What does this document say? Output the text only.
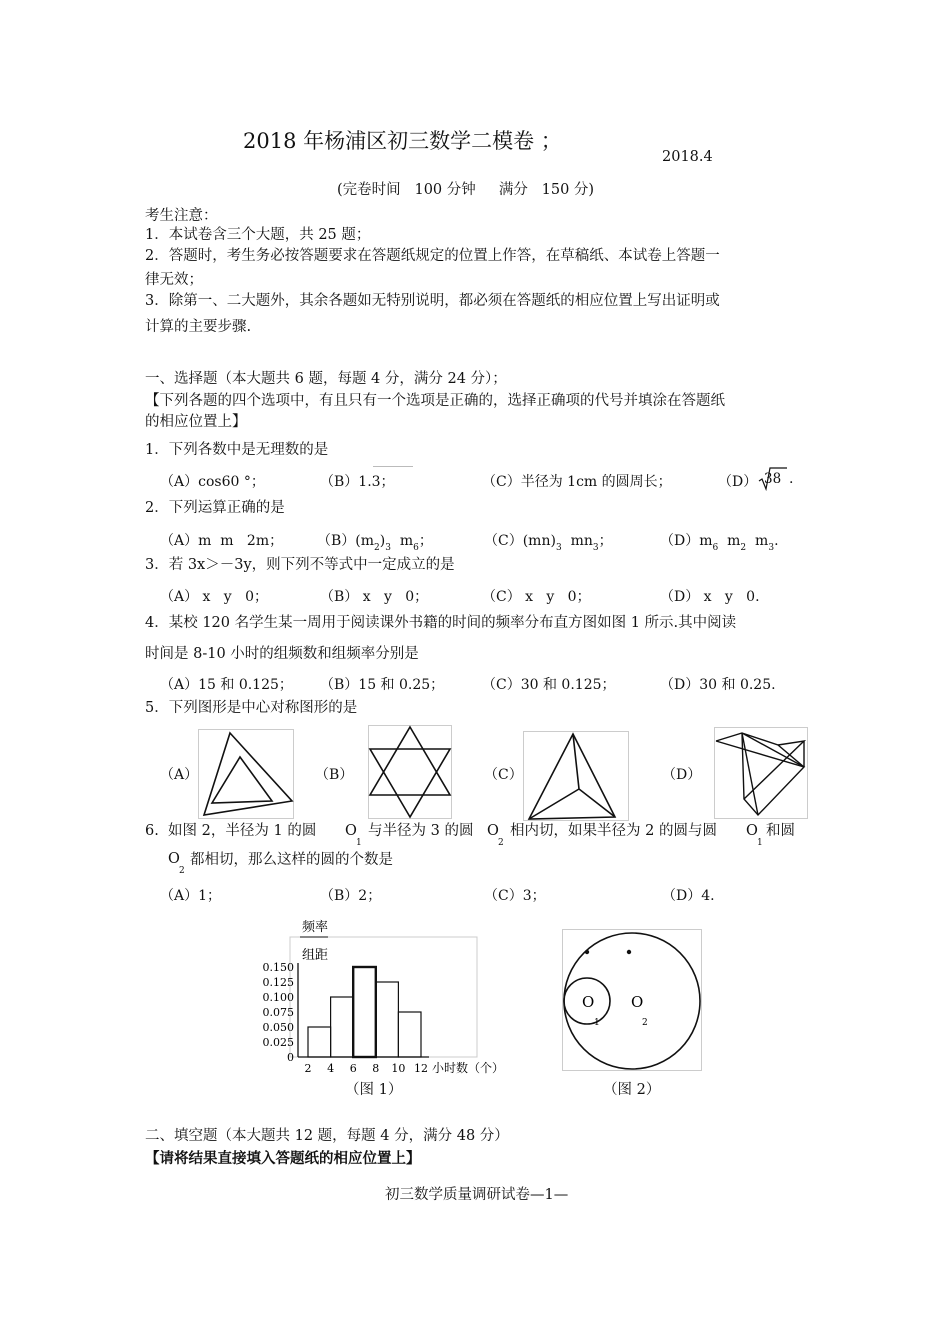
2018 年杨浦区初三数学二模卷 ；
2018.4
(完卷时间   100 分钟     满分   150 分)
考生注意：
1．本试卷含三个大题，共 25 题；
2．答题时，考生务必按答题要求在答题纸规定的位置上作答，在草稿纸、本试卷上答题一
律无效；
3．除第一、二大题外，其余各题如无特别说明，都必须在答题纸的相应位置上写出证明或
计算的主要步骤.
一、选择题（本大题共 6 题，每题 4 分，满分 24 分）；
【下列各题的四个选项中，有且只有一个选项是正确的，选择正确项的代号并填涂在答题纸
的相应位置上】
1．下列各数中是无理数的是
（A）cos60 °；	（B）1.3；	（C）半径为 1cm 的圆周长；	（D） 38 .
2．下列运算正确的是
（A）m  m   2m； $(B)(m_2)_3$  $m_6$；	$(C)(mn)_3$  $mn_3$；	$(D)m_6$  $m_2$  $m_3$.
3．若 3x＞－3y，则下列不等式中一定成立的是
（A） x   y   0；	（B） x   y   0；	（C） x   y   0；	（D） x   y   0.
4．某校 120 名学生某一周用于阅读课外书籍的时间的频率分布直方图如图 1 所示.其中阅读
时间是 8-10 小时的组频数和组频率分别是
（A）15 和 0.125； （B）15 和 0.25；	（C）30 和 0.125；	（D）30 和 0.25.
5．下列图形是中心对称图形的是
（A）	（B）	（C）	（D）
6.  如图 2，半径为 1 的圆 O
1
与半径为 3 的圆 O
2
相内切，如果半径为 2 的圆与圆 O
1
和圆
O
2
都相切，那么这样的圆的个数是
（A）1；	（B）2；	（C）3；	（D）4.
频率
组距
0.150
0.125
0.100
0.075
0.050
0.025
0
2 4 6 8 10 12 小时数（个）
（图 1）
O
1
O
2
（图 2）
二、填空题（本大题共 12 题，每题 4 分，满分 48 分）
【请将结果直接填入答题纸的相应位置上】
初三数学质量调研试卷—1—
